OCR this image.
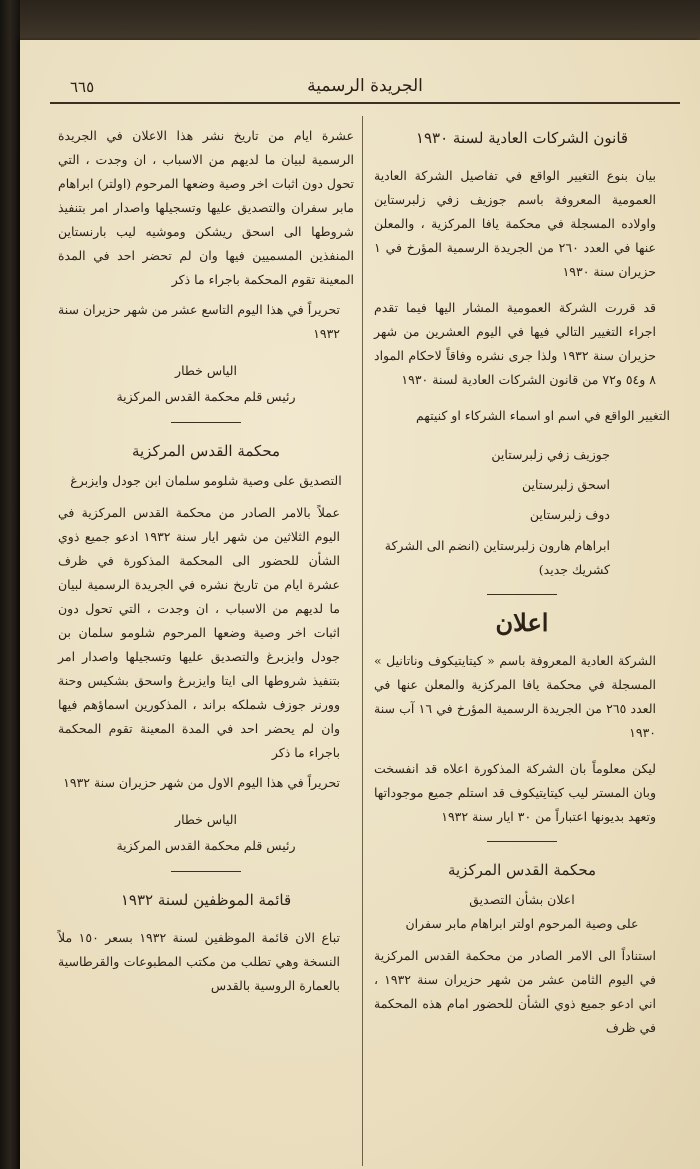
٦٦٥	الجريدة الرسمية
قانون الشركات العادية لسنة ١٩٣٠

بيان بنوع التغيير الواقع في تفاصيل الشركة العادية العمومية المعروفة باسم جوزيف زفي زلبرستاين واولاده المسجلة في محكمة يافا المركزية ، والمعلن عنها في العدد ٢٦٠ من الجريدة الرسمية المؤرخ في ١ حزيران سنة ١٩٣٠

قد قررت الشركة العمومية المشار اليها فيما تقدم اجراء التغيير التالي فيها في اليوم العشرين من شهر حزيران سنة ١٩٣٢ ولذا جرى نشره وفاقاً لاحكام المواد ٨ و٥٤ و٧٢ من قانون الشركات العادية لسنة ١٩٣٠

التغيير الواقع في اسم او اسماء الشركاء او كنيتهم

جوزيف زفي زلبرستاين
اسحق زلبرستاين
دوف زلبرستاين
ابراهام هارون زلبرستاين (انضم الى الشركة كشريك جديد)
اعلان

الشركة العادية المعروفة باسم « كيتايتيكوف وناتانيل » المسجلة في محكمة يافا المركزية والمعلن عنها في العدد ٢٦٥ من الجريدة الرسمية المؤرخ في ١٦ آب سنة ١٩٣٠

ليكن معلوماً بان الشركة المذكورة اعلاه قد انفسخت وبان المستر ليب كيتايتيكوف قد استلم جميع موجوداتها وتعهد بديونها اعتباراً من ٣٠ ايار سنة ١٩٣٢

محكمة القدس المركزية
اعلان بشأن التصديق
على وصية المرحوم اولتر ابراهام مابر سفران

استناداً الى الامر الصادر من محكمة القدس المركزية في اليوم الثامن عشر من شهر حزيران سنة ١٩٣٢ ، اني ادعو جميع ذوي الشأن للحضور امام هذه المحكمة في ظرف

عشرة ايام من تاريخ نشر هذا الاعلان في الجريدة الرسمية لبيان ما لديهم من الاسباب ، ان وجدت ، التي تحول دون اثبات اخر وصية وضعها المرحوم (اولتر) ابراهام مابر سفران والتصديق عليها وتسجيلها واصدار امر بتنفيذ شروطها الى اسحق ريشكن وموشيه ليب بارنستاين المنفذين المسميين فيها وان لم تحضر احد في المدة المعينة تقوم المحكمة باجراء ما ذكر

تحريراً في هذا اليوم التاسع عشر من شهر حزيران سنة ١٩٣٢

الياس خطار
رئيس قلم محكمة القدس المركزية
محكمة القدس المركزية
التصديق على وصية شلومو سلمان ابن جودل وايزبرغ

عملاً بالامر الصادر من محكمة القدس المركزية في اليوم الثلاثين من شهر ايار سنة ١٩٣٢ ادعو جميع ذوي الشأن للحضور الى المحكمة المذكورة في ظرف عشرة ايام من تاريخ نشره في الجريدة الرسمية لبيان ما لديهم من الاسباب ، ان وجدت ، التي تحول دون اثبات اخر وصية وضعها المرحوم شلومو سلمان بن جودل وايزبرغ والتصديق عليها وتسجيلها واصدار امر بتنفيذ شروطها الى ايتا وايزبرغ واسحق بشكيس وحنة وورنر جوزف شملكه براند ، المذكورين اسماؤهم فيها وان لم يحضر احد في المدة المعينة تقوم المحكمة باجراء ما ذكر

تحريراً في هذا اليوم الاول من شهر حزيران سنة ١٩٣٢

الياس خطار
رئيس قلم محكمة القدس المركزية
قائمة الموظفين لسنة ١٩٣٢

تباع الان قائمة الموظفين لسنة ١٩٣٢ بسعر ١٥٠ ملاً النسخة وهي تطلب من مكتب المطبوعات والقرطاسية بالعمارة الروسية بالقدس
